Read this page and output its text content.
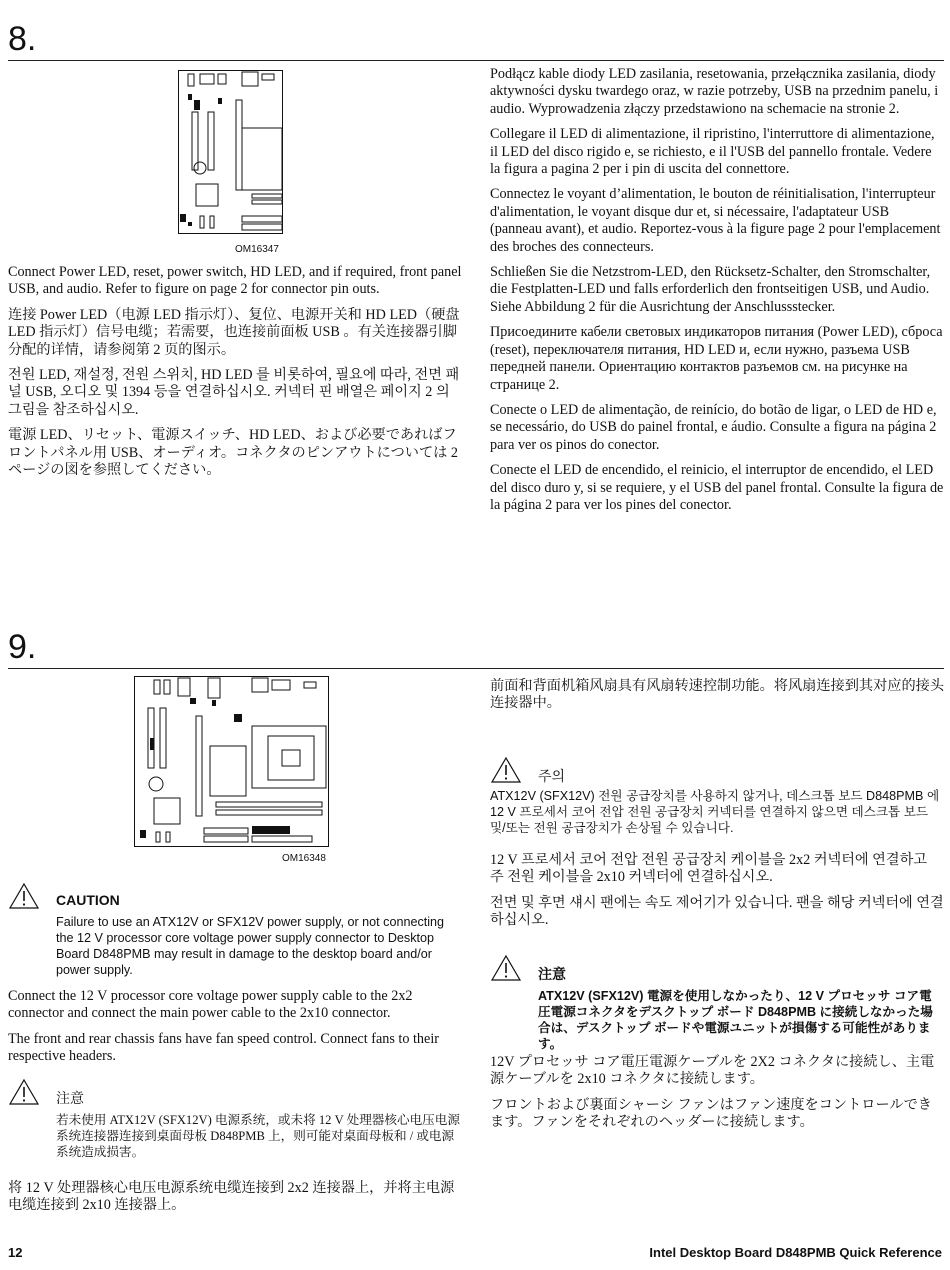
8.
OM16347

Connect Power LED, reset, power switch, HD LED, and if required, front panel USB, and audio. Refer to figure on page 2 for connector pin outs.

连接 Power LED（电源 LED 指示灯）、复位、电源开关和 HD LED（硬盘 LED 指示灯）信号电缆；若需要，也连接前面板 USB 。有关连接器引脚分配的详情，请参阅第 2 页的图示。

전원 LED, 재설정, 전원 스위치, HD LED 를 비롯하여, 필요에 따라, 전면 패널 USB, 오디오 및 1394 등을 연결하십시오. 커넥터 핀 배열은 페이지 2 의 그림을 참조하십시오.

電源 LED、リセット、電源スイッチ、HD LED、および必要であればフロントパネル用 USB、オーディオ。コネクタのピンアウトについては 2 ページの図を参照してください。

Podłącz kable diody LED zasilania, resetowania, przełącznika zasilania, diody aktywności dysku twardego oraz, w razie potrzeby, USB na przednim panelu, i audio. Wyprowadzenia złączy przedstawiono na schemacie na stronie 2.

Collegare il LED di alimentazione, il ripristino, l'interruttore di alimentazione, il LED del disco rigido e, se richiesto, e il l'USB del pannello frontale. Vedere la figura a pagina 2 per i pin di uscita del connettore.

Connectez le voyant d’alimentation, le bouton de réinitialisation, l'interrupteur d'alimentation, le voyant disque dur et, si nécessaire, l'adaptateur USB (panneau avant), et audio. Reportez-vous à la figure page 2 pour l'emplacement des broches des connecteurs.

Schließen Sie die Netzstrom-LED, den Rücksetz-Schalter, den Stromschalter, die Festplatten-LED und falls erforderlich den frontseitigen USB, und Audio. Siehe Abbildung 2 für die Ausrichtung der Anschlussstecker.

Присоедините кабели световых индикаторов питания (Power LED), сброса (reset), переключателя питания, HD LED и, если нужно, разъема USB передней панели. Ориентацию контактов разъемов см. на рисунке на странице 2.

Conecte o LED de alimentação, de reinício, do botão de ligar, o LED de HD e, se necessário, do USB do painel frontal, e áudio. Consulte a figura na página 2 para ver os pinos do conector.

Conecte el LED de encendido, el reinicio, el interruptor de encendido, el LED del disco duro y, si se requiere, y el USB del panel frontal. Consulte la figura de la página 2 para ver los pines del conector.

9.
OM16348
CAUTION
Failure to use an ATX12V or SFX12V power supply, or not connecting the 12 V processor core voltage power supply connector to Desktop Board D848PMB may result in damage to the desktop board and/or power supply.

Connect the 12 V processor core voltage power supply cable to the 2x2 connector and connect the main power cable to the 2x10 connector.

The front and rear chassis fans have fan speed control. Connect fans to their respective headers.

注意
若未使用 ATX12V (SFX12V) 电源系统，或未将 12 V 处理器核心电压电源系统连接器连接到桌面母板 D848PMB 上，则可能对桌面母板和 / 或电源系统造成损害。

将 12 V 处理器核心电压电源系统电缆连接到 2x2 连接器上，并将主电源电缆连接到 2x10 连接器上。

前面和背面机箱风扇具有风扇转速控制功能。将风扇连接到其对应的接头连接器中。

주의
ATX12V (SFX12V) 전원 공급장치를 사용하지 않거나, 데스크톱 보드 D848PMB 에 12 V 프로세서 코어 전압 전원 공급장치 커넥터를 연결하지 않으면 데스크톱 보드 및/또는 전원 공급장치가 손상될 수 있습니다.

12 V 프로세서 코어 전압 전원 공급장치 케이블을 2x2 커넥터에 연결하고 주 전원 케이블을 2x10 커넥터에 연결하십시오.

전면 및 후면 섀시 팬에는 속도 제어기가 있습니다. 팬을 해당 커넥터에 연결하십시오.

注意
ATX12V (SFX12V) 電源を使用しなかったり、12 V プロセッサ コア電圧電源コネクタをデスクトップ ボード D848PMB に接続しなかった場合は、デスクトップ ボードや電源ユニットが損傷する可能性があります。

12V プロセッサ コア電圧電源ケーブルを 2X2 コネクタに接続し、主電源ケーブルを 2x10 コネクタに接続します。

フロントおよび裏面シャーシ ファンはファン速度をコントロールできます。ファンをそれぞれのヘッダーに接続します。

12	Intel Desktop Board D848PMB Quick Reference
